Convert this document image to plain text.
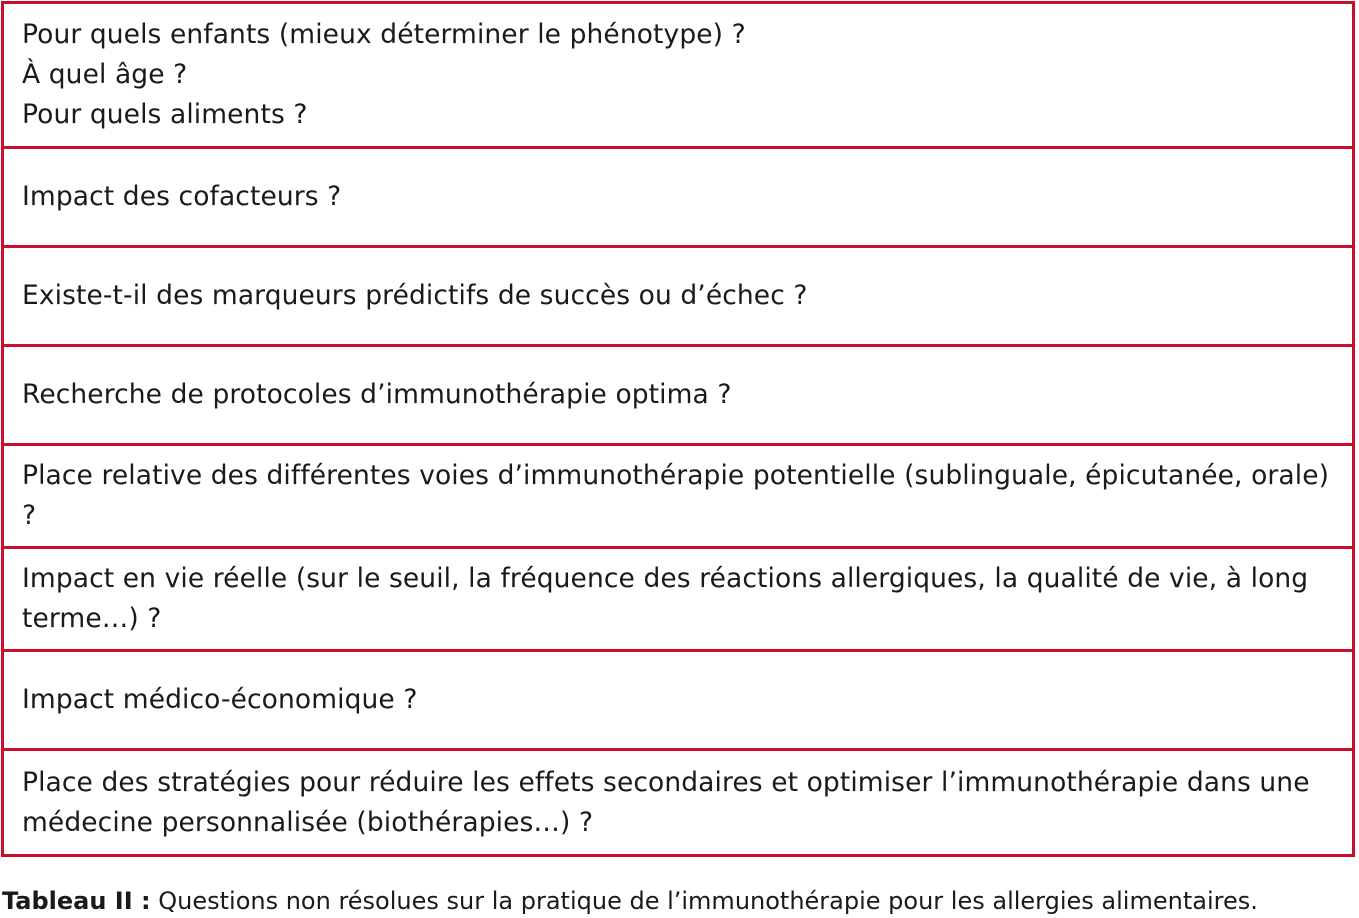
Pour quels enfants (mieux déterminer le phénotype) ?
À quel âge ?
Pour quels aliments ?
Impact des cofacteurs ?
Existe-t-il des marqueurs prédictifs de succès ou d’échec ?
Recherche de protocoles d’immunothérapie optima ?
Place relative des différentes voies d’immunothérapie potentielle (sublinguale, épicutanée, orale) ?
Impact en vie réelle (sur le seuil, la fréquence des réactions allergiques, la qualité de vie, à long terme…) ?
Impact médico-économique ?
Place des stratégies pour réduire les effets secondaires et optimiser l’immunothérapie dans une médecine personnalisée (biothérapies…) ?
Tableau II : Questions non résolues sur la pratique de l’immunothérapie pour les allergies alimentaires.
